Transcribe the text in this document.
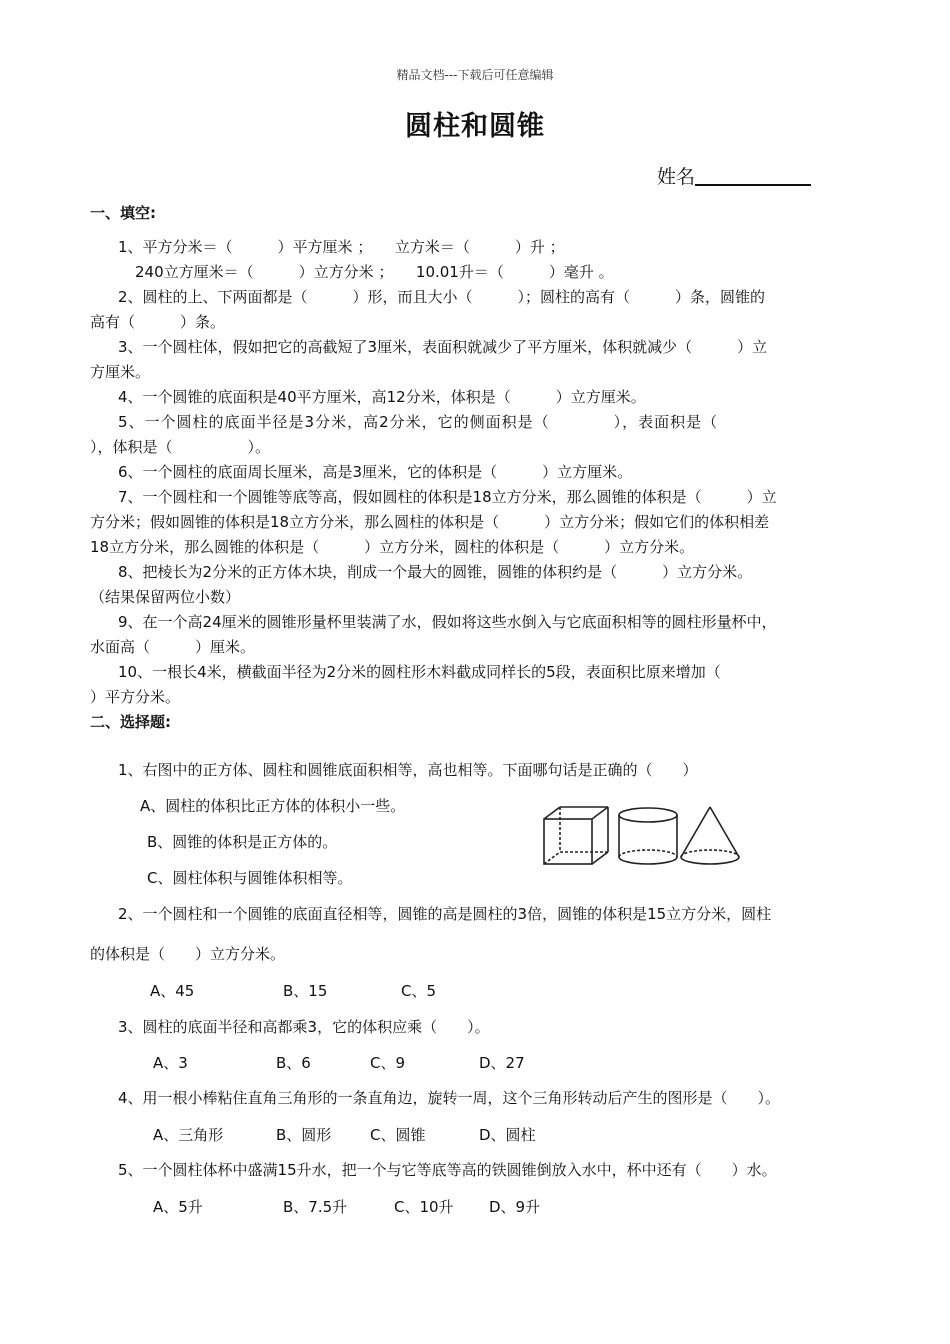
精品文档---下载后可任意编辑
圆柱和圆锥
姓名
一、填空:
1、平方分米＝（　　　）平方厘米 ；　　立方米＝（　　　）升 ；
240立方厘米＝（　　　）立方分米 ；　　10.01升＝（　　　）毫升 。
2、圆柱的上、下两面都是（　　　）形，而且大小（　　　）；圆柱的高有（　　　）条，圆锥的
高有（　　　）条。
3、一个圆柱体，假如把它的高截短了3厘米，表面积就减少了平方厘米，体积就减少（　　　）立
方厘米。
4、一个圆锥的底面积是40平方厘米，高12分米，体积是（　　　）立方厘米。
5、一个圆柱的底面半径是3分米，高2分米，它的侧面积是（　　　　），表面积是（
），体积是（　　　　　）。
6、一个圆柱的底面周长厘米，高是3厘米，它的体积是（　　　）立方厘米。
7、一个圆柱和一个圆锥等底等高，假如圆柱的体积是18立方分米，那么圆锥的体积是（　　　）立
方分米；假如圆锥的体积是18立方分米，那么圆柱的体积是（　　　）立方分米；假如它们的体积相差
18立方分米，那么圆锥的体积是（　　　）立方分米，圆柱的体积是（　　　）立方分米。
8、把棱长为2分米的正方体木块，削成一个最大的圆锥，圆锥的体积约是（　　　）立方分米。
（结果保留两位小数）
9、在一个高24厘米的圆锥形量杯里装满了水，假如将这些水倒入与它底面积相等的圆柱形量杯中，
水面高（　　　）厘米。
10、一根长4米，横截面半径为2分米的圆柱形木料截成同样长的5段，表面积比原来增加（
）平方分米。
二、选择题:
1、右图中的正方体、圆柱和圆锥底面积相等，高也相等。下面哪句话是正确的（　　）
A、圆柱的体积比正方体的体积小一些。
B、圆锥的体积是正方体的。
C、圆柱体积与圆锥体积相等。
2、一个圆柱和一个圆锥的底面直径相等，圆锥的高是圆柱的3倍，圆锥的体积是15立方分米，圆柱
的体积是（　　）立方分米。
A、45	B、15	C、5
3、圆柱的底面半径和高都乘3，它的体积应乘（　　）。
A、3	B、6	C、9	D、27
4、用一根小棒粘住直角三角形的一条直角边，旋转一周，这个三角形转动后产生的图形是（　　）。
A、三角形	B、圆形	C、圆锥	D、圆柱
5、一个圆柱体杯中盛满15升水，把一个与它等底等高的铁圆锥倒放入水中，杯中还有（　　）水。
A、5升	B、7.5升	C、10升 D、9升
